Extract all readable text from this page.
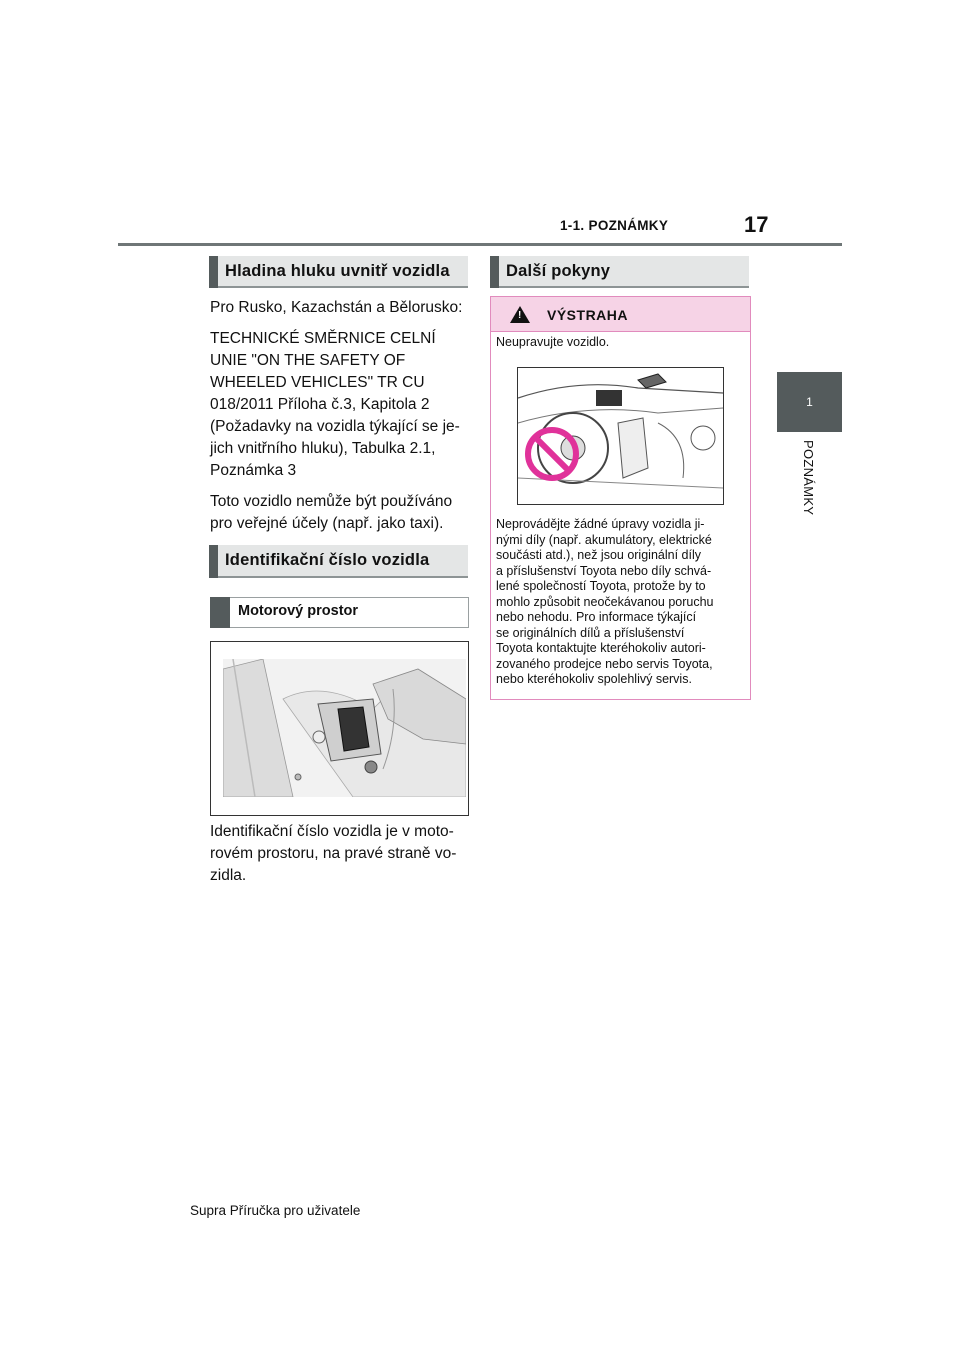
1-1. POZNÁMKY	17
1
POZNÁMKY
Hladina hluku uvnitř vozidla

Pro Rusko, Kazachstán a Bělorusko:

TECHNICKÉ SMĚRNICE CELNÍ
UNIE "ON THE SAFETY OF
WHEELED VEHICLES" TR CU
018/2011 Příloha č.3, Kapitola 2
(Požadavky na vozidla týkající se je-
jich vnitřního hluku), Tabulka 2.1,
Poznámka 3

Toto vozidlo nemůže být používáno
pro veřejné účely (např. jako taxi).

Identifikační číslo vozidla
Motorový prostor

Identifikační číslo vozidla je v moto-
rovém prostoru, na pravé straně vo-
zidla.

Další pokyny
! VÝSTRAHA
Neupravujte vozidlo.
Neprovádějte žádné úpravy vozidla ji-
nými díly (např. akumulátory, elektrické
součásti atd.), než jsou originální díly
a příslušenství Toyota nebo díly schvá-
lené společností Toyota, protože by to
mohlo způsobit neočekávanou poruchu
nebo nehodu. Pro informace týkající
se originálních dílů a příslušenství
Toyota kontaktujte kteréhokoliv autori-
zovaného prodejce nebo servis Toyota,
nebo kteréhokoliv spolehlivý servis.
Supra Příručka pro uživatele
